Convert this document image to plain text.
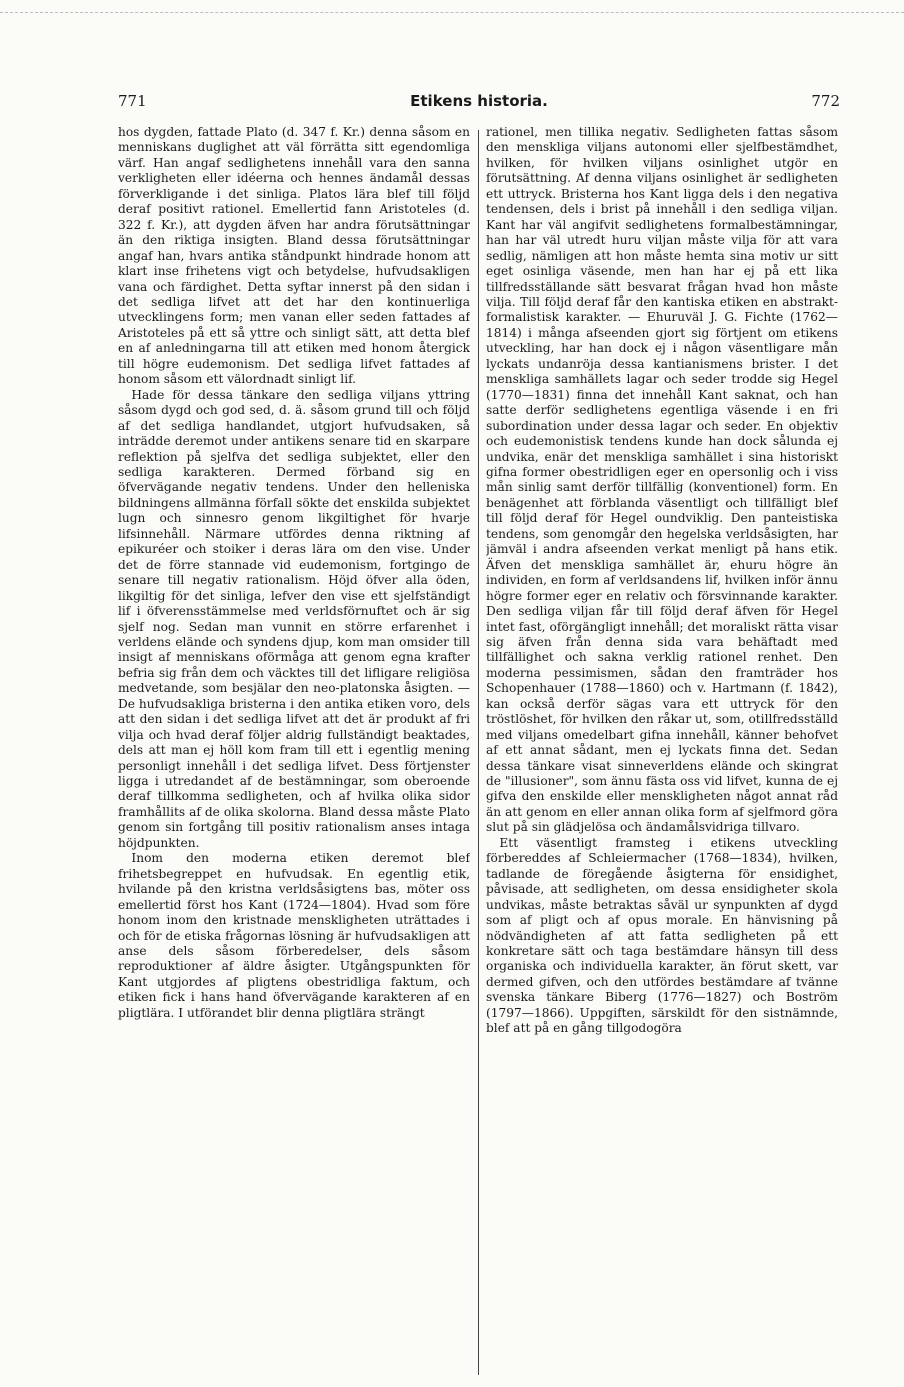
771	Etikens historia.	772

hos dygden, fattade Plato (d. 347 f. Kr.) denna såsom en menniskans duglighet att väl förrätta sitt egendomliga värf. Han angaf sedlighetens innehåll vara den sanna verkligheten eller idéerna och hennes ändamål dessas förverkligande i det sinliga. Platos lära blef till följd deraf positivt rationel. Emellertid fann Aristoteles (d. 322 f. Kr.), att dygden äfven har andra förutsättningar än den riktiga insigten. Bland dessa förutsättningar angaf han, hvars antika ståndpunkt hindrade honom att klart inse frihetens vigt och betydelse, hufvudsakligen vana och färdighet. Detta syftar innerst på den sidan i det sedliga lifvet att det har den kontinuerliga utvecklingens form; men vanan eller seden fattades af Aristoteles på ett så yttre och sinligt sätt, att detta blef en af anledningarna till att etiken med honom återgick till högre eudemonism. Det sedliga lifvet fattades af honom såsom ett välordnadt sinligt lif.

Hade för dessa tänkare den sedliga viljans yttring såsom dygd och god sed, d. ä. såsom grund till och följd af det sedliga handlandet, utgjort hufvudsaken, så inträdde deremot under antikens senare tid en skarpare reflektion på sjelfva det sedliga subjektet, eller den sedliga karakteren. Dermed förband sig en öfvervägande negativ tendens. Under den helleniska bildningens allmänna förfall sökte det enskilda subjektet lugn och sinnesro genom likgiltighet för hvarje lifsinnehåll. Närmare utfördes denna riktning af epikuréer och stoiker i deras lära om den vise. Under det de förre stannade vid eudemonism, fortgingo de senare till negativ rationalism. Höjd öfver alla öden, likgiltig för det sinliga, lefver den vise ett sjelfständigt lif i öfverensstämmelse med verldsförnuftet och är sig sjelf nog. Sedan man vunnit en större erfarenhet i verldens elände och syndens djup, kom man omsider till insigt af menniskans oförmåga att genom egna krafter befria sig från dem och väcktes till det lifligare religiösa medvetande, som besjälar den neo-platonska åsigten. — De hufvudsakliga bristerna i den antika etiken voro, dels att den sidan i det sedliga lifvet att det är produkt af fri vilja och hvad deraf följer aldrig fullständigt beaktades, dels att man ej höll kom fram till ett i egentlig mening personligt innehåll i det sedliga lifvet. Dess förtjenster ligga i utredandet af de bestämningar, som oberoende deraf tillkomma sedligheten, och af hvilka olika sidor framhållits af de olika skolorna. Bland dessa måste Plato genom sin fortgång till positiv rationalism anses intaga höjdpunkten.

Inom den moderna etiken deremot blef frihetsbegreppet en hufvudsak. En egentlig etik, hvilande på den kristna verldsåsigtens bas, möter oss emellertid först hos Kant (1724—1804). Hvad som före honom inom den kristnade menskligheten uträttades i och för de etiska frågornas lösning är hufvudsakligen att anse dels såsom förberedelser, dels såsom reproduktioner af äldre åsigter. Utgångspunkten för Kant utgjordes af pligtens obestridliga faktum, och etiken fick i hans hand öfvervägande karakteren af en pligtlära. I utförandet blir denna pligtlära strängt

rationel, men tillika negativ. Sedligheten fattas såsom den menskliga viljans autonomi eller sjelfbestämdhet, hvilken, för hvilken viljans osinlighet utgör en förutsättning. Af denna viljans osinlighet är sedligheten ett uttryck. Bristerna hos Kant ligga dels i den negativa tendensen, dels i brist på innehåll i den sedliga viljan. Kant har väl angifvit sedlighetens formalbestämningar, han har väl utredt huru viljan måste vilja för att vara sedlig, nämligen att hon måste hemta sina motiv ur sitt eget osinliga väsende, men han har ej på ett lika tillfredsställande sätt besvarat frågan hvad hon måste vilja. Till följd deraf får den kantiska etiken en abstrakt-formalistisk karakter. — Ehuruväl J. G. Fichte (1762—1814) i många afseenden gjort sig förtjent om etikens utveckling, har han dock ej i någon väsentligare mån lyckats undanröja dessa kantianismens brister. I det menskliga samhällets lagar och seder trodde sig Hegel (1770—1831) finna det innehåll Kant saknat, och han satte derför sedlighetens egentliga väsende i en fri subordination under dessa lagar och seder. En objektiv och eudemonistisk tendens kunde han dock sålunda ej undvika, enär det menskliga samhället i sina historiskt gifna former obestridligen eger en opersonlig och i viss mån sinlig samt derför tillfällig (konventionel) form. En benägenhet att förblanda väsentligt och tillfälligt blef till följd deraf för Hegel oundviklig. Den panteistiska tendens, som genomgår den hegelska verldsåsigten, har jämväl i andra afseenden verkat menligt på hans etik. Äfven det menskliga samhället är, ehuru högre än individen, en form af verldsandens lif, hvilken inför ännu högre former eger en relativ och försvinnande karakter. Den sedliga viljan får till följd deraf äfven för Hegel intet fast, oförgängligt innehåll; det moraliskt rätta visar sig äfven från denna sida vara behäftadt med tillfällighet och sakna verklig rationel renhet. Den moderna pessimismen, sådan den framträder hos Schopenhauer (1788—1860) och v. Hartmann (f. 1842), kan också derför sägas vara ett uttryck för den tröstlöshet, för hvilken den råkar ut, som, otillfredsställd med viljans omedelbart gifna innehåll, känner behofvet af ett annat sådant, men ej lyckats finna det. Sedan dessa tänkare visat sinneverldens elände och skingrat de "illusioner", som ännu fästa oss vid lifvet, kunna de ej gifva den enskilde eller menskligheten något annat råd än att genom en eller annan olika form af sjelfmord göra slut på sin glädjelösa och ändamålsvidriga tillvaro.

Ett väsentligt framsteg i etikens utveckling förbereddes af Schleiermacher (1768—1834), hvilken, tadlande de föregående åsigterna för ensidighet, påvisade, att sedligheten, om dessa ensidigheter skola undvikas, måste betraktas såväl ur synpunkten af dygd som af pligt och af opus morale. En hänvisning på nödvändigheten af att fatta sedligheten på ett konkretare sätt och taga bestämdare hänsyn till dess organiska och individuella karakter, än förut skett, var dermed gifven, och den utfördes bestämdare af tvänne svenska tänkare Biberg (1776—1827) och Boström (1797—1866). Uppgiften, särskildt för den sistnämnde, blef att på en gång tillgodogöra
